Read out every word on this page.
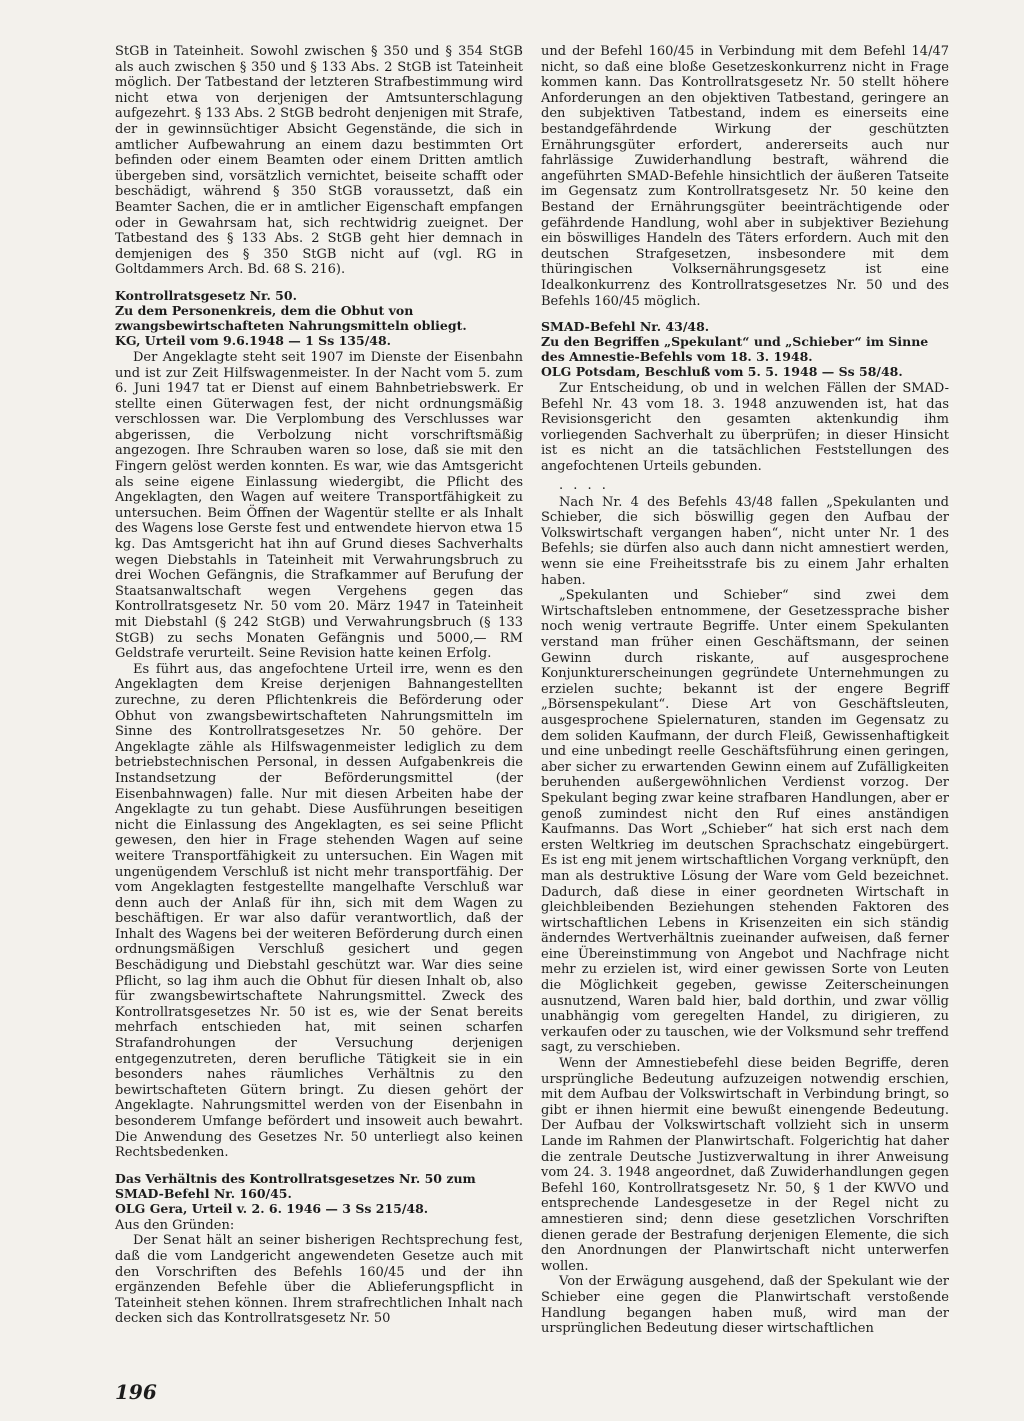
StGB in Tateinheit. Sowohl zwischen § 350 und § 354 StGB als auch zwischen § 350 und § 133 Abs. 2 StGB ist Tateinheit möglich. Der Tatbestand der letzteren Strafbestimmung wird nicht etwa von derjenigen der Amtsunterschlagung aufgezehrt. § 133 Abs. 2 StGB bedroht denjenigen mit Strafe, der in gewinnsüchtiger Absicht Gegenstände, die sich in amtlicher Aufbewahrung an einem dazu bestimmten Ort befinden oder einem Beamten oder einem Dritten amtlich übergeben sind, vorsätzlich vernichtet, beiseite schafft oder beschädigt, während § 350 StGB voraussetzt, daß ein Beamter Sachen, die er in amtlicher Eigenschaft empfangen oder in Gewahrsam hat, sich rechtwidrig zueignet. Der Tatbestand des § 133 Abs. 2 StGB geht hier demnach in demjenigen des § 350 StGB nicht auf (vgl. RG in Goltdammers Arch. Bd. 68 S. 216).

Kontrollratsgesetz Nr. 50.
Zu dem Personenkreis, dem die Obhut von zwangsbewirtschafteten Nahrungsmitteln obliegt.
KG, Urteil vom 9.6.1948 — 1 Ss 135/48.

Der Angeklagte steht seit 1907 im Dienste der Eisenbahn und ist zur Zeit Hilfswagenmeister. In der Nacht vom 5. zum 6. Juni 1947 tat er Dienst auf einem Bahnbetriebswerk. Er stellte einen Güterwagen fest, der nicht ordnungsmäßig verschlossen war. Die Verplombung des Verschlusses war abgerissen, die Verbolzung nicht vorschriftsmäßig angezogen. Ihre Schrauben waren so lose, daß sie mit den Fingern gelöst werden konnten. Es war, wie das Amtsgericht als seine eigene Einlassung wiedergibt, die Pflicht des Angeklagten, den Wagen auf weitere Transportfähigkeit zu untersuchen. Beim Öffnen der Wagentür stellte er als Inhalt des Wagens lose Gerste fest und entwendete hiervon etwa 15 kg. Das Amtsgericht hat ihn auf Grund dieses Sachverhalts wegen Diebstahls in Tateinheit mit Verwahrungsbruch zu drei Wochen Gefängnis, die Strafkammer auf Berufung der Staatsanwaltschaft wegen Vergehens gegen das Kontrollratsgesetz Nr. 50 vom 20. März 1947 in Tateinheit mit Diebstahl (§ 242 StGB) und Verwahrungsbruch (§ 133 StGB) zu sechs Monaten Gefängnis und 5000,— RM Geldstrafe verurteilt. Seine Revision hatte keinen Erfolg.

Es führt aus, das angefochtene Urteil irre, wenn es den Angeklagten dem Kreise derjenigen Bahnangestellten zurechne, zu deren Pflichtenkreis die Beförderung oder Obhut von zwangsbewirtschafteten Nahrungsmitteln im Sinne des Kontrollratsgesetzes Nr. 50 gehöre. Der Angeklagte zähle als Hilfswagenmeister lediglich zu dem betriebstechnischen Personal, in dessen Aufgabenkreis die Instandsetzung der Beförderungsmittel (der Eisenbahnwagen) falle. Nur mit diesen Arbeiten habe der Angeklagte zu tun gehabt. Diese Ausführungen beseitigen nicht die Einlassung des Angeklagten, es sei seine Pflicht gewesen, den hier in Frage stehenden Wagen auf seine weitere Transportfähigkeit zu untersuchen. Ein Wagen mit ungenügendem Verschluß ist nicht mehr transportfähig. Der vom Angeklagten festgestellte mangelhafte Verschluß war denn auch der Anlaß für ihn, sich mit dem Wagen zu beschäftigen. Er war also dafür verantwortlich, daß der Inhalt des Wagens bei der weiteren Beförderung durch einen ordnungsmäßigen Verschluß gesichert und gegen Beschädigung und Diebstahl geschützt war. War dies seine Pflicht, so lag ihm auch die Obhut für diesen Inhalt ob, also für zwangsbewirtschaftete Nahrungsmittel. Zweck des Kontrollratsgesetzes Nr. 50 ist es, wie der Senat bereits mehrfach entschieden hat, mit seinen scharfen Strafandrohungen der Versuchung derjenigen entgegenzutreten, deren berufliche Tätigkeit sie in ein besonders nahes räumliches Verhältnis zu den bewirtschafteten Gütern bringt. Zu diesen gehört der Angeklagte. Nahrungsmittel werden von der Eisenbahn in besonderem Umfange befördert und insoweit auch bewahrt. Die Anwendung des Gesetzes Nr. 50 unterliegt also keinen Rechtsbedenken.

Das Verhältnis des Kontrollratsgesetzes Nr. 50 zum SMAD-Befehl Nr. 160/45.
OLG Gera, Urteil v. 2. 6. 1946 — 3 Ss 215/48.

Aus den Gründen:

Der Senat hält an seiner bisherigen Rechtsprechung fest, daß die vom Landgericht angewendeten Gesetze auch mit den Vorschriften des Befehls 160/45 und der ihn ergänzenden Befehle über die Ablieferungspflicht in Tateinheit stehen können. Ihrem strafrechtlichen Inhalt nach decken sich das Kontrollratsgesetz Nr. 50

und der Befehl 160/45 in Verbindung mit dem Befehl 14/47 nicht, so daß eine bloße Gesetzeskonkurrenz nicht in Frage kommen kann. Das Kontrollratsgesetz Nr. 50 stellt höhere Anforderungen an den objektiven Tatbestand, geringere an den subjektiven Tatbestand, indem es einerseits eine bestandgefährdende Wirkung der geschützten Ernährungsgüter erfordert, andererseits auch nur fahrlässige Zuwiderhandlung bestraft, während die angeführten SMAD-Befehle hinsichtlich der äußeren Tatseite im Gegensatz zum Kontrollratsgesetz Nr. 50 keine den Bestand der Ernährungsgüter beeinträchtigende oder gefährdende Handlung, wohl aber in subjektiver Beziehung ein böswilliges Handeln des Täters erfordern. Auch mit den deutschen Strafgesetzen, insbesondere mit dem thüringischen Volksernährungsgesetz ist eine Idealkonkurrenz des Kontrollratsgesetzes Nr. 50 und des Befehls 160/45 möglich.

SMAD-Befehl Nr. 43/48.
Zu den Begriffen „Spekulant“ und „Schieber“ im Sinne des Amnestie-Befehls vom 18. 3. 1948.
OLG Potsdam, Beschluß vom 5. 5. 1948 — Ss 58/48.

Zur Entscheidung, ob und in welchen Fällen der SMAD-Befehl Nr. 43 vom 18. 3. 1948 anzuwenden ist, hat das Revisionsgericht den gesamten aktenkundig ihm vorliegenden Sachverhalt zu überprüfen; in dieser Hinsicht ist es nicht an die tatsächlichen Feststellungen des angefochtenen Urteils gebunden.

. . . .

Nach Nr. 4 des Befehls 43/48 fallen „Spekulanten und Schieber, die sich böswillig gegen den Aufbau der Volkswirtschaft vergangen haben“, nicht unter Nr. 1 des Befehls; sie dürfen also auch dann nicht amnestiert werden, wenn sie eine Freiheitsstrafe bis zu einem Jahr erhalten haben.

„Spekulanten und Schieber“ sind zwei dem Wirtschaftsleben entnommene, der Gesetzessprache bisher noch wenig vertraute Begriffe. Unter einem Spekulanten verstand man früher einen Geschäftsmann, der seinen Gewinn durch riskante, auf ausgesprochene Konjunkturerscheinungen gegründete Unternehmungen zu erzielen suchte; bekannt ist der engere Begriff „Börsenspekulant“. Diese Art von Geschäftsleuten, ausgesprochene Spielernaturen, standen im Gegensatz zu dem soliden Kaufmann, der durch Fleiß, Gewissenhaftigkeit und eine unbedingt reelle Geschäftsführung einen geringen, aber sicher zu erwartenden Gewinn einem auf Zufälligkeiten beruhenden außergewöhnlichen Verdienst vorzog. Der Spekulant beging zwar keine strafbaren Handlungen, aber er genoß zumindest nicht den Ruf eines anständigen Kaufmanns. Das Wort „Schieber“ hat sich erst nach dem ersten Weltkrieg im deutschen Sprachschatz eingebürgert. Es ist eng mit jenem wirtschaftlichen Vorgang verknüpft, den man als destruktive Lösung der Ware vom Geld bezeichnet. Dadurch, daß diese in einer geordneten Wirtschaft in gleichbleibenden Beziehungen stehenden Faktoren des wirtschaftlichen Lebens in Krisenzeiten ein sich ständig änderndes Wertverhältnis zueinander aufweisen, daß ferner eine Übereinstimmung von Angebot und Nachfrage nicht mehr zu erzielen ist, wird einer gewissen Sorte von Leuten die Möglichkeit gegeben, gewisse Zeiterscheinungen ausnutzend, Waren bald hier, bald dorthin, und zwar völlig unabhängig vom geregelten Handel, zu dirigieren, zu verkaufen oder zu tauschen, wie der Volksmund sehr treffend sagt, zu verschieben.

Wenn der Amnestiebefehl diese beiden Begriffe, deren ursprüngliche Bedeutung aufzuzeigen notwendig erschien, mit dem Aufbau der Volkswirtschaft in Verbindung bringt, so gibt er ihnen hiermit eine bewußt einengende Bedeutung. Der Aufbau der Volkswirtschaft vollzieht sich in unserm Lande im Rahmen der Planwirtschaft. Folgerichtig hat daher die zentrale Deutsche Justizverwaltung in ihrer Anweisung vom 24. 3. 1948 angeordnet, daß Zuwiderhandlungen gegen Befehl 160, Kontrollratsgesetz Nr. 50, § 1 der KWVO und entsprechende Landesgesetze in der Regel nicht zu amnestieren sind; denn diese gesetzlichen Vorschriften dienen gerade der Bestrafung derjenigen Elemente, die sich den Anordnungen der Planwirtschaft nicht unterwerfen wollen.

Von der Erwägung ausgehend, daß der Spekulant wie der Schieber eine gegen die Planwirtschaft verstoßende Handlung begangen haben muß, wird man der ursprünglichen Bedeutung dieser wirtschaftlichen

196
